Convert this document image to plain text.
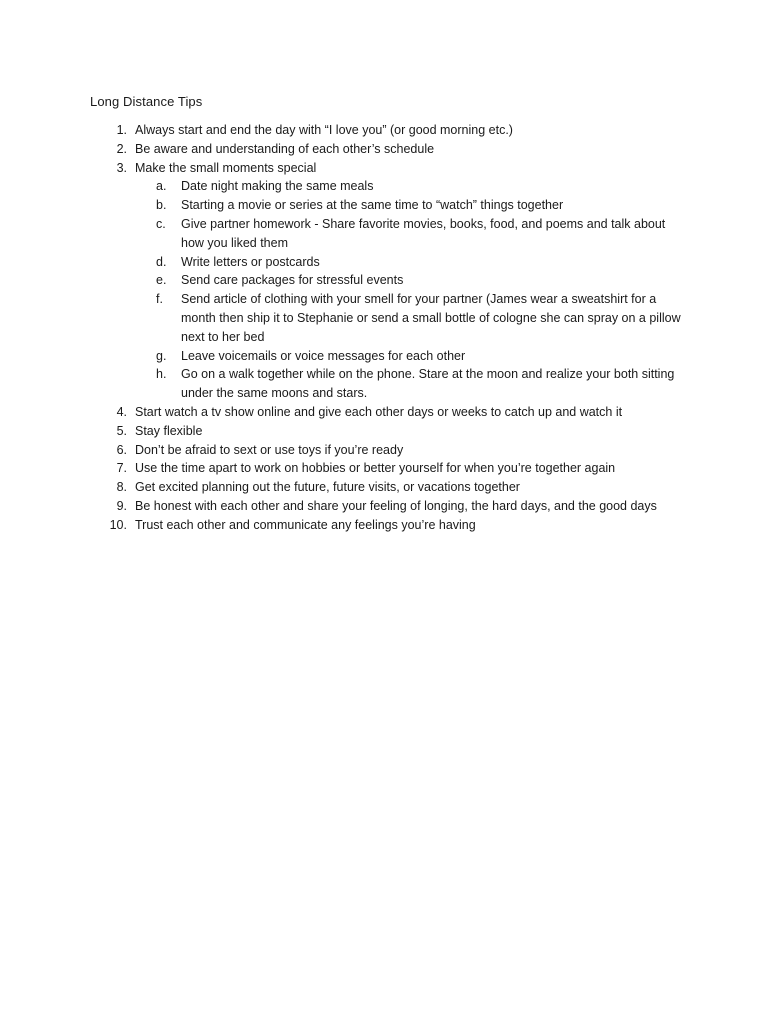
Long Distance Tips
1. Always start and end the day with “I love you” (or good morning etc.)
2. Be aware and understanding of each other’s schedule
3. Make the small moments special
a. Date night making the same meals
b. Starting a movie or series at the same time to “watch” things together
c. Give partner homework - Share favorite movies, books, food, and poems and talk about how you liked them
d. Write letters or postcards
e. Send care packages for stressful events
f. Send article of clothing with your smell for your partner (James wear a sweatshirt for a month then ship it to Stephanie or send a small bottle of cologne she can spray on a pillow next to her bed
g. Leave voicemails or voice messages for each other
h. Go on a walk together while on the phone. Stare at the moon and realize your both sitting under the same moons and stars.
4. Start watch a tv show online and give each other days or weeks to catch up and watch it
5. Stay flexible
6. Don’t be afraid to sext or use toys if you’re ready
7. Use the time apart to work on hobbies or better yourself for when you’re together again
8. Get excited planning out the future, future visits, or vacations together
9. Be honest with each other and share your feeling of longing, the hard days, and the good days
10. Trust each other and communicate any feelings you’re having
